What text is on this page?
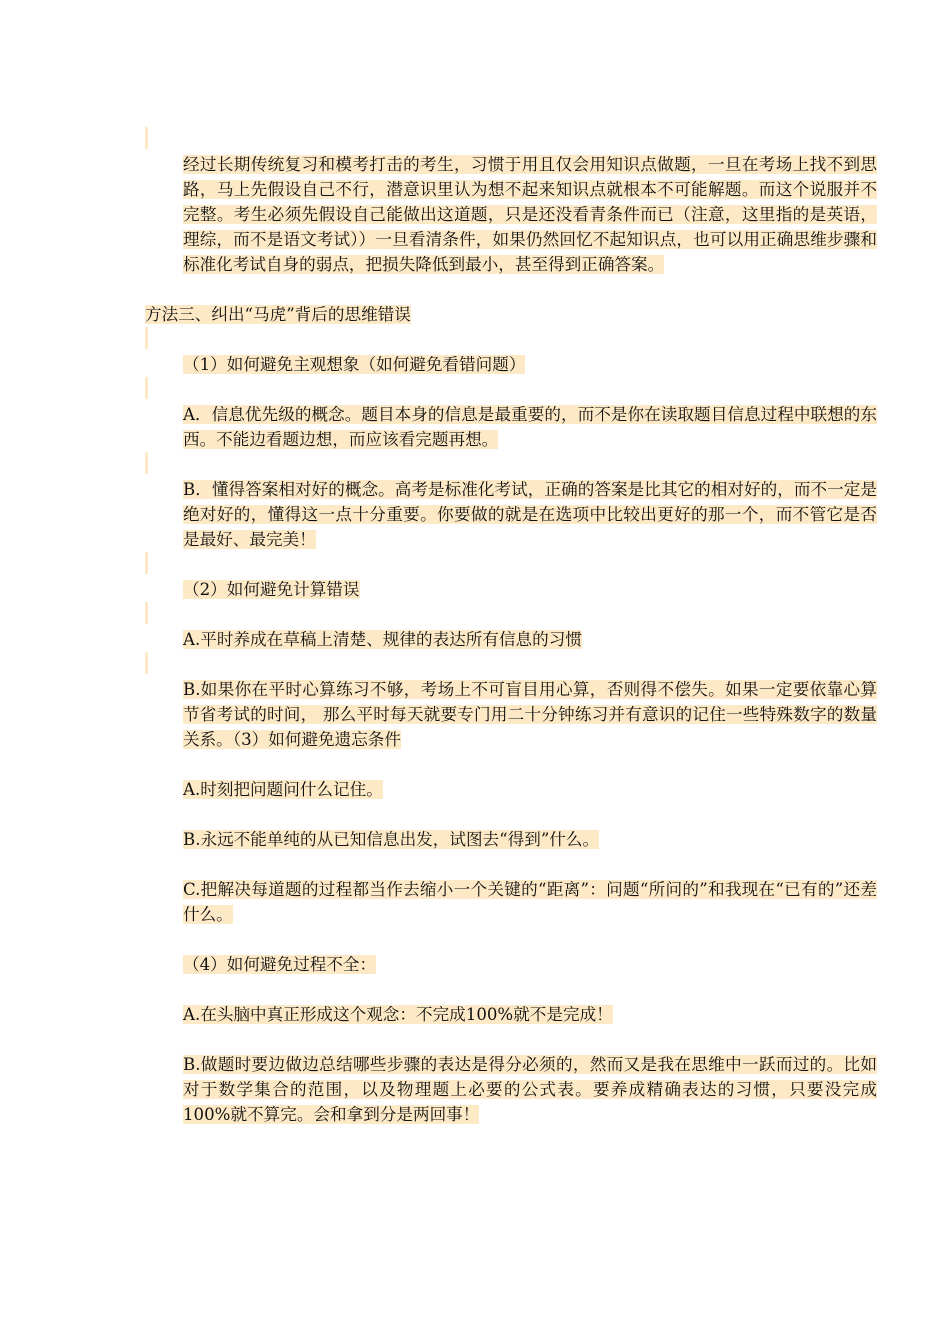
经过长期传统复习和模考打击的考生，习惯于用且仅会用知识点做题，一旦在考场上找不到思路，马上先假设自己不行，潜意识里认为想不起来知识点就根本不可能解题。而这个说服并不完整。考生必须先假设自己能做出这道题，只是还没看青条件而已（注意，这里指的是英语，理综，而不是语文考试））一旦看清条件，如果仍然回忆不起知识点，也可以用正确思维步骤和标准化考试自身的弱点，把损失降低到最小，甚至得到正确答案。

方法三、纠出“马虎”背后的思维错误

（1）如何避免主观想象（如何避免看错问题）

A．信息优先级的概念。题目本身的信息是最重要的，而不是你在读取题目信息过程中联想的东西。不能边看题边想，而应该看完题再想。

B．懂得答案相对好的概念。高考是标准化考试，正确的答案是比其它的相对好的，而不一定是绝对好的，懂得这一点十分重要。你要做的就是在选项中比较出更好的那一个，而不管它是否是最好、最完美！

（2）如何避免计算错误

A.平时养成在草稿上清楚、规律的表达所有信息的习惯

B.如果你在平时心算练习不够，考场上不可盲目用心算，否则得不偿失。如果一定要依靠心算节省考试的时间， 那么平时每天就要专门用二十分钟练习并有意识的记住一些特殊数字的数量关系。（3）如何避免遗忘条件

A.时刻把问题问什么记住。

B.永远不能单纯的从已知信息出发，试图去“得到”什么。

C.把解决每道题的过程都当作去缩小一个关键的“距离”：问题“所问的”和我现在“已有的”还差什么。

（4）如何避免过程不全：

A.在头脑中真正形成这个观念：不完成100%就不是完成！

B.做题时要边做边总结哪些步骤的表达是得分必须的，然而又是我在思维中一跃而过的。比如对于数学集合的范围，以及物理题上必要的公式表。要养成精确表达的习惯，只要没完成100%就不算完。会和拿到分是两回事！
